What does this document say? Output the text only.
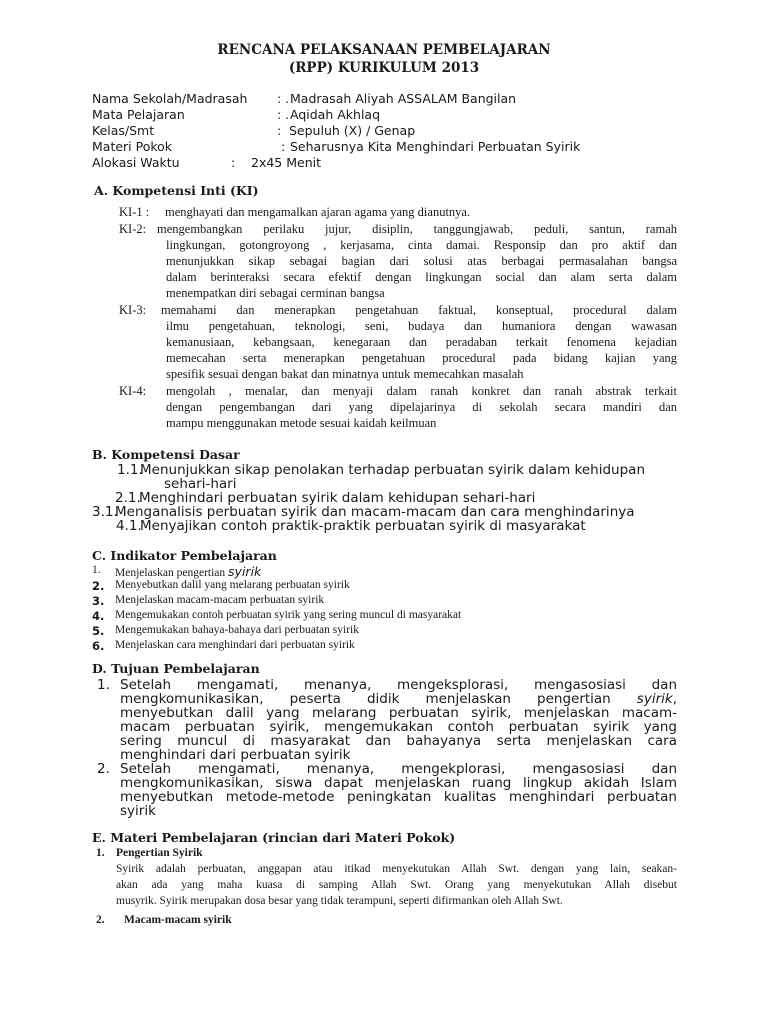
RENCANA PELAKSANAAN PEMBELAJARAN
(RPP) KURIKULUM 2013
Nama Sekolah/Madrasah : . Madrasah Aliyah ASSALAM Bangilan
Mata Pelajaran	: . Aqidah Akhlaq
Kelas/Smt	: Sepuluh (X) / Genap
Materi Pokok	: Seharusnya Kita Menghindari Perbuatan Syirik
Alokasi Waktu	: 2x45 Menit
A. Kompetensi Inti (KI)
KI-1 : menghayati dan mengamalkan ajaran agama yang dianutnya.
KI-2: mengembangkan perilaku jujur, disiplin, tanggungjawab, peduli, santun, ramah
lingkungan, gotongroyong , kerjasama, cinta damai. Responsip dan pro aktif dan
menunjukkan sikap sebagai bagian dari solusi atas berbagai permasalahan bangsa
dalam berinteraksi secara efektif dengan lingkungan social dan alam serta dalam
menempatkan diri sebagai cerminan bangsa
KI-3: memahami dan menerapkan pengetahuan faktual, konseptual, procedural dalam
ilmu pengetahuan, teknologi, seni, budaya dan humaniora dengan wawasan
kemanusiaan, kebangsaan, kenegaraan dan peradaban terkait fenomena kejadian
memecahan serta menerapkan pengetahuan procedural pada bidang kajian yang
spesifik sesuai dengan bakat dan minatnya untuk memecahkan masalah
KI-4: mengolah , menalar, dan menyaji dalam ranah konkret dan ranah abstrak terkait
dengan pengembangan dari yang dipelajarinya di sekolah secara mandiri dan
mampu menggunakan metode sesuai kaidah keilmuan
B. Kompetensi Dasar
1.1.
Menunjukkan sikap penolakan terhadap perbuatan syirik dalam kehidupan
sehari-hari
2.1.
Menghindari perbuatan syirik dalam kehidupan sehari-hari
3.1.
Menganalisis perbuatan syirik dan macam-macam dan cara menghindarinya
4.1.
Menyajikan contoh praktik-praktik perbuatan syirik di masyarakat
C. Indikator Pembelajaran
1. Menjelaskan pengertian syirik
2. Menyebutkan dalil yang melarang perbuatan syirik
3. Menjelaskan macam-macam perbuatan syirik
4. Mengemukakan contoh perbuatan syirik yang sering muncul di masyarakat
5. Mengemukakan bahaya-bahaya dari perbuatan syirik
6. Menjelaskan cara menghindari dari perbuatan syirik
D. Tujuan Pembelajaran
1. Setelah mengamati, menanya, mengeksplorasi, mengasosiasi dan
mengkomunikasikan,    peserta    didik    menjelaskan    pengertian    syirik,
menyebutkan dalil yang melarang perbuatan syirik, menjelaskan macam-
macam perbuatan syirik, mengemukakan contoh perbuatan syirik yang
sering muncul di masyarakat dan bahayanya serta menjelaskan cara
menghindari dari perbuatan syirik
2. Setelah mengamati, menanya, mengekplorasi, mengasosiasi dan
mengkomunikasikan, siswa dapat menjelaskan ruang lingkup akidah Islam
menyebutkan metode-metode peningkatan kualitas menghindari perbuatan
syirik
E. Materi Pembelajaran (rincian dari Materi Pokok)
1. Pengertian Syirik
Syirik adalah perbuatan, anggapan atau itikad menyekutukan Allah Swt. dengan yang lain, seakan-
akan ada yang maha kuasa di samping Allah Swt. Orang yang menyekutukan Allah disebut
musyrik. Syirik merupakan dosa besar yang tidak terampuni, seperti difirmankan oleh Allah Swt.
2. Macam-macam syirik
